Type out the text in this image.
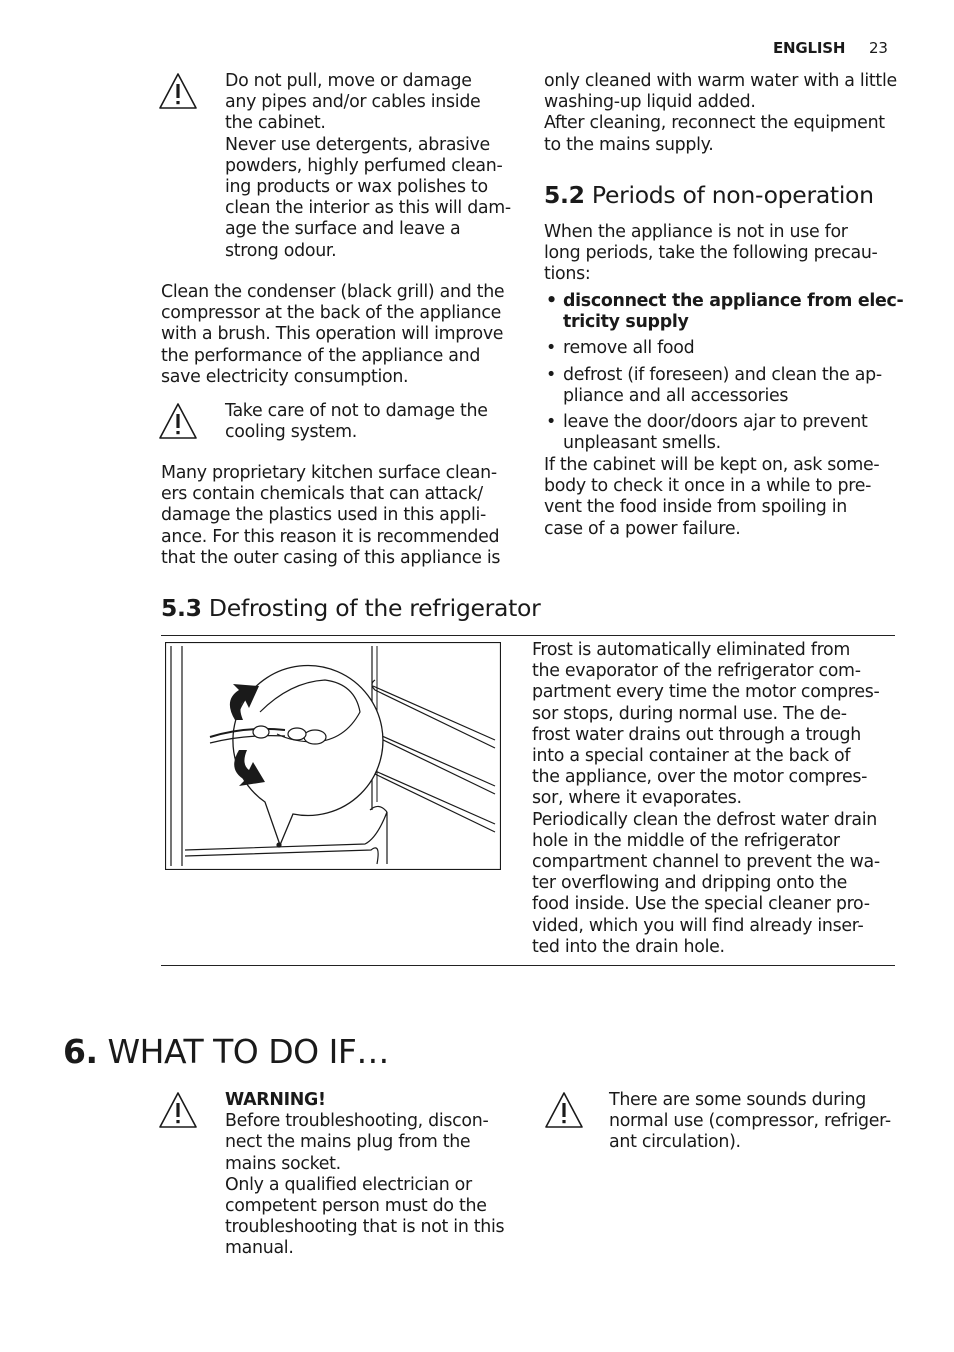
ENGLISH 23
Do not pull, move or damage
any pipes and/or cables inside
the cabinet.
Never use detergents, abrasive
powders, highly perfumed clean-
ing products or wax polishes to
clean the interior as this will dam-
age the surface and leave a
strong odour.
Clean the condenser (black grill) and the
compressor at the back of the appliance
with a brush. This operation will improve
the performance of the appliance and
save electricity consumption.
Take care of not to damage the
cooling system.
Many proprietary kitchen surface clean-
ers contain chemicals that can attack/
damage the plastics used in this appli-
ance. For this reason it is recommended
that the outer casing of this appliance is
only cleaned with warm water with a little
washing-up liquid added.
After cleaning, reconnect the equipment
to the mains supply.
5.2 Periods of non-operation
When the appliance is not in use for
long periods, take the following precau-
tions:
• disconnect the appliance from elec-
tricity supply
• remove all food
• defrost (if foreseen) and clean the ap-
pliance and all accessories
• leave the door/doors ajar to prevent
unpleasant smells.
If the cabinet will be kept on, ask some-
body to check it once in a while to pre-
vent the food inside from spoiling in
case of a power failure.
5.3 Defrosting of the refrigerator
Frost is automatically eliminated from
the evaporator of the refrigerator com-
partment every time the motor compres-
sor stops, during normal use. The de-
frost water drains out through a trough
into a special container at the back of
the appliance, over the motor compres-
sor, where it evaporates.
Periodically clean the defrost water drain
hole in the middle of the refrigerator
compartment channel to prevent the wa-
ter overflowing and dripping onto the
food inside. Use the special cleaner pro-
vided, which you will find already inser-
ted into the drain hole.
6. WHAT TO DO IF…
WARNING!
Before troubleshooting, discon-
nect the mains plug from the
mains socket.
Only a qualified electrician or
competent person must do the
troubleshooting that is not in this
manual.
There are some sounds during
normal use (compressor, refriger-
ant circulation).
